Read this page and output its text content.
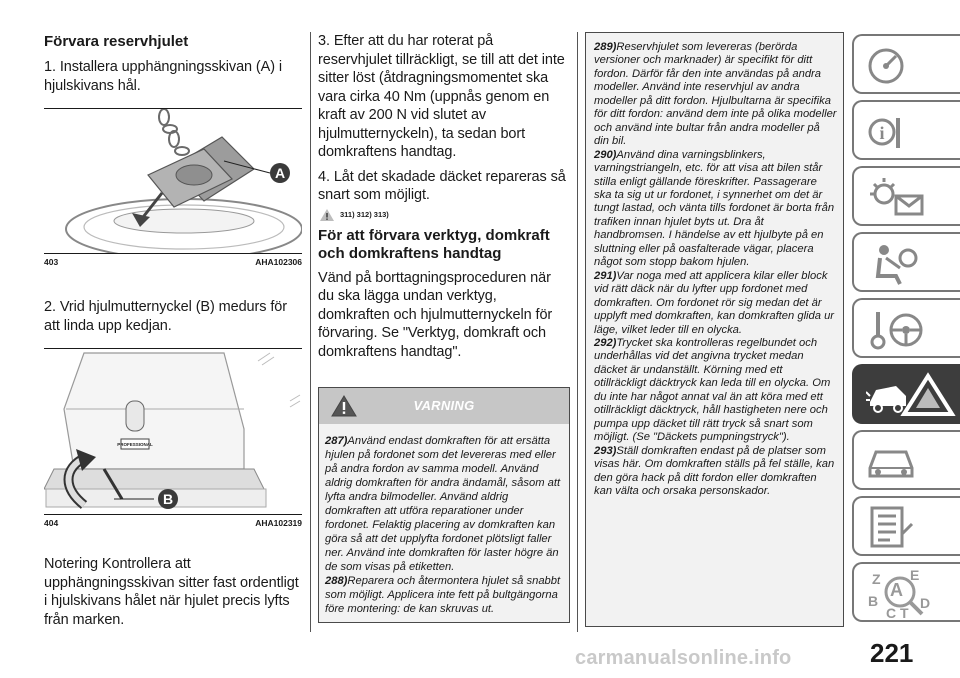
Förvara reservhjulet

1. Installera upphängningsskivan (A) i hjulskivans hål.

A
403	AHA102306

2. Vrid hjulmutternyckel (B) medurs för att linda upp kedjan.

PROFESSIONAL
B
404	AHA102319

Notering Kontrollera att upphängningsskivan sitter fast ordentligt i hjulskivans hålet när hjulet precis lyfts från marken.

3. Efter att du har roterat på reservhjulet tillräckligt, se till att det inte sitter löst (åtdragningsmomentet ska vara cirka 40 Nm (uppnås genom en kraft av 200 N vid slutet av hjulmutternyckeln), ta sedan bort domkraftens handtag.

4. Låt det skadade däcket repareras så snart som möjligt.

311) 312) 313)
För att förvara verktyg, domkraft och domkraftens handtag

Vänd på borttagningsproceduren när du ska lägga undan verktyg, domkraften och hjulmutternyckeln för förvaring. Se "Verktyg, domkraft och domkraftens handtag".

VARNING
287)Använd endast domkraften för att ersätta hjulen på fordonet som det levereras med eller på andra fordon av samma modell. Använd aldrig domkraften för andra ändamål, såsom att lyfta andra bilmodeller. Använd aldrig domkraften att utföra reparationer under fordonet. Felaktig placering av domkraften kan göra så att det upplyfta fordonet plötsligt faller ner. Använd inte domkraften för laster högre än de som visas på etiketten.
288)Reparera och återmontera hjulet så snabbt som möjligt. Applicera inte fett på bultgängorna före montering: de kan skruvas ut.
289)Reservhjulet som levereras (berörda versioner och marknader) är specifikt för ditt fordon. Därför får den inte användas på andra modeller. Använd inte reservhjul av andra modeller på ditt fordon. Hjulbultarna är specifika för ditt fordon: använd dem inte på olika modeller och använd inte bultar från andra modeller på din bil.
290)Använd dina varningsblinkers, varningstriangeln, etc. för att visa att bilen står stilla enligt gällande föreskrifter. Passagerare ska ta sig ut ur fordonet, i synnerhet om det är tungt lastad, och vänta tills fordonet är borta från trafiken innan hjulet byts ut. Dra åt handbromsen. I händelse av ett hjulbyte på en sluttning eller på oasfalterade vägar, placera något som stopp bakom hjulen.
291)Var noga med att applicera kilar eller block vid rätt däck när du lyfter upp fordonet med domkraften. Om fordonet rör sig medan det är upplyft med domkraften, kan domkraften glida ur läge, vilket leder till en olycka.
292)Trycket ska kontrolleras regelbundet och underhållas vid det angivna trycket medan däcket är undanställt. Körning med ett otillräckligt däcktryck kan leda till en olycka. Om du inte har något annat val än att köra med ett otillräckligt däcktryck, håll hastigheten nere och pumpa upp däcket till rätt tryck så snart som möjligt. (Se "Däckets pumpningstryck").
293)Ställ domkraften endast på de platser som visas här. Om domkraften ställs på fel ställe, kan den göra hack på ditt fordon eller domkraften kan välta och orsaka personskador.
i
Z E
A
B
C T
D
carmanualsonline.info	221
